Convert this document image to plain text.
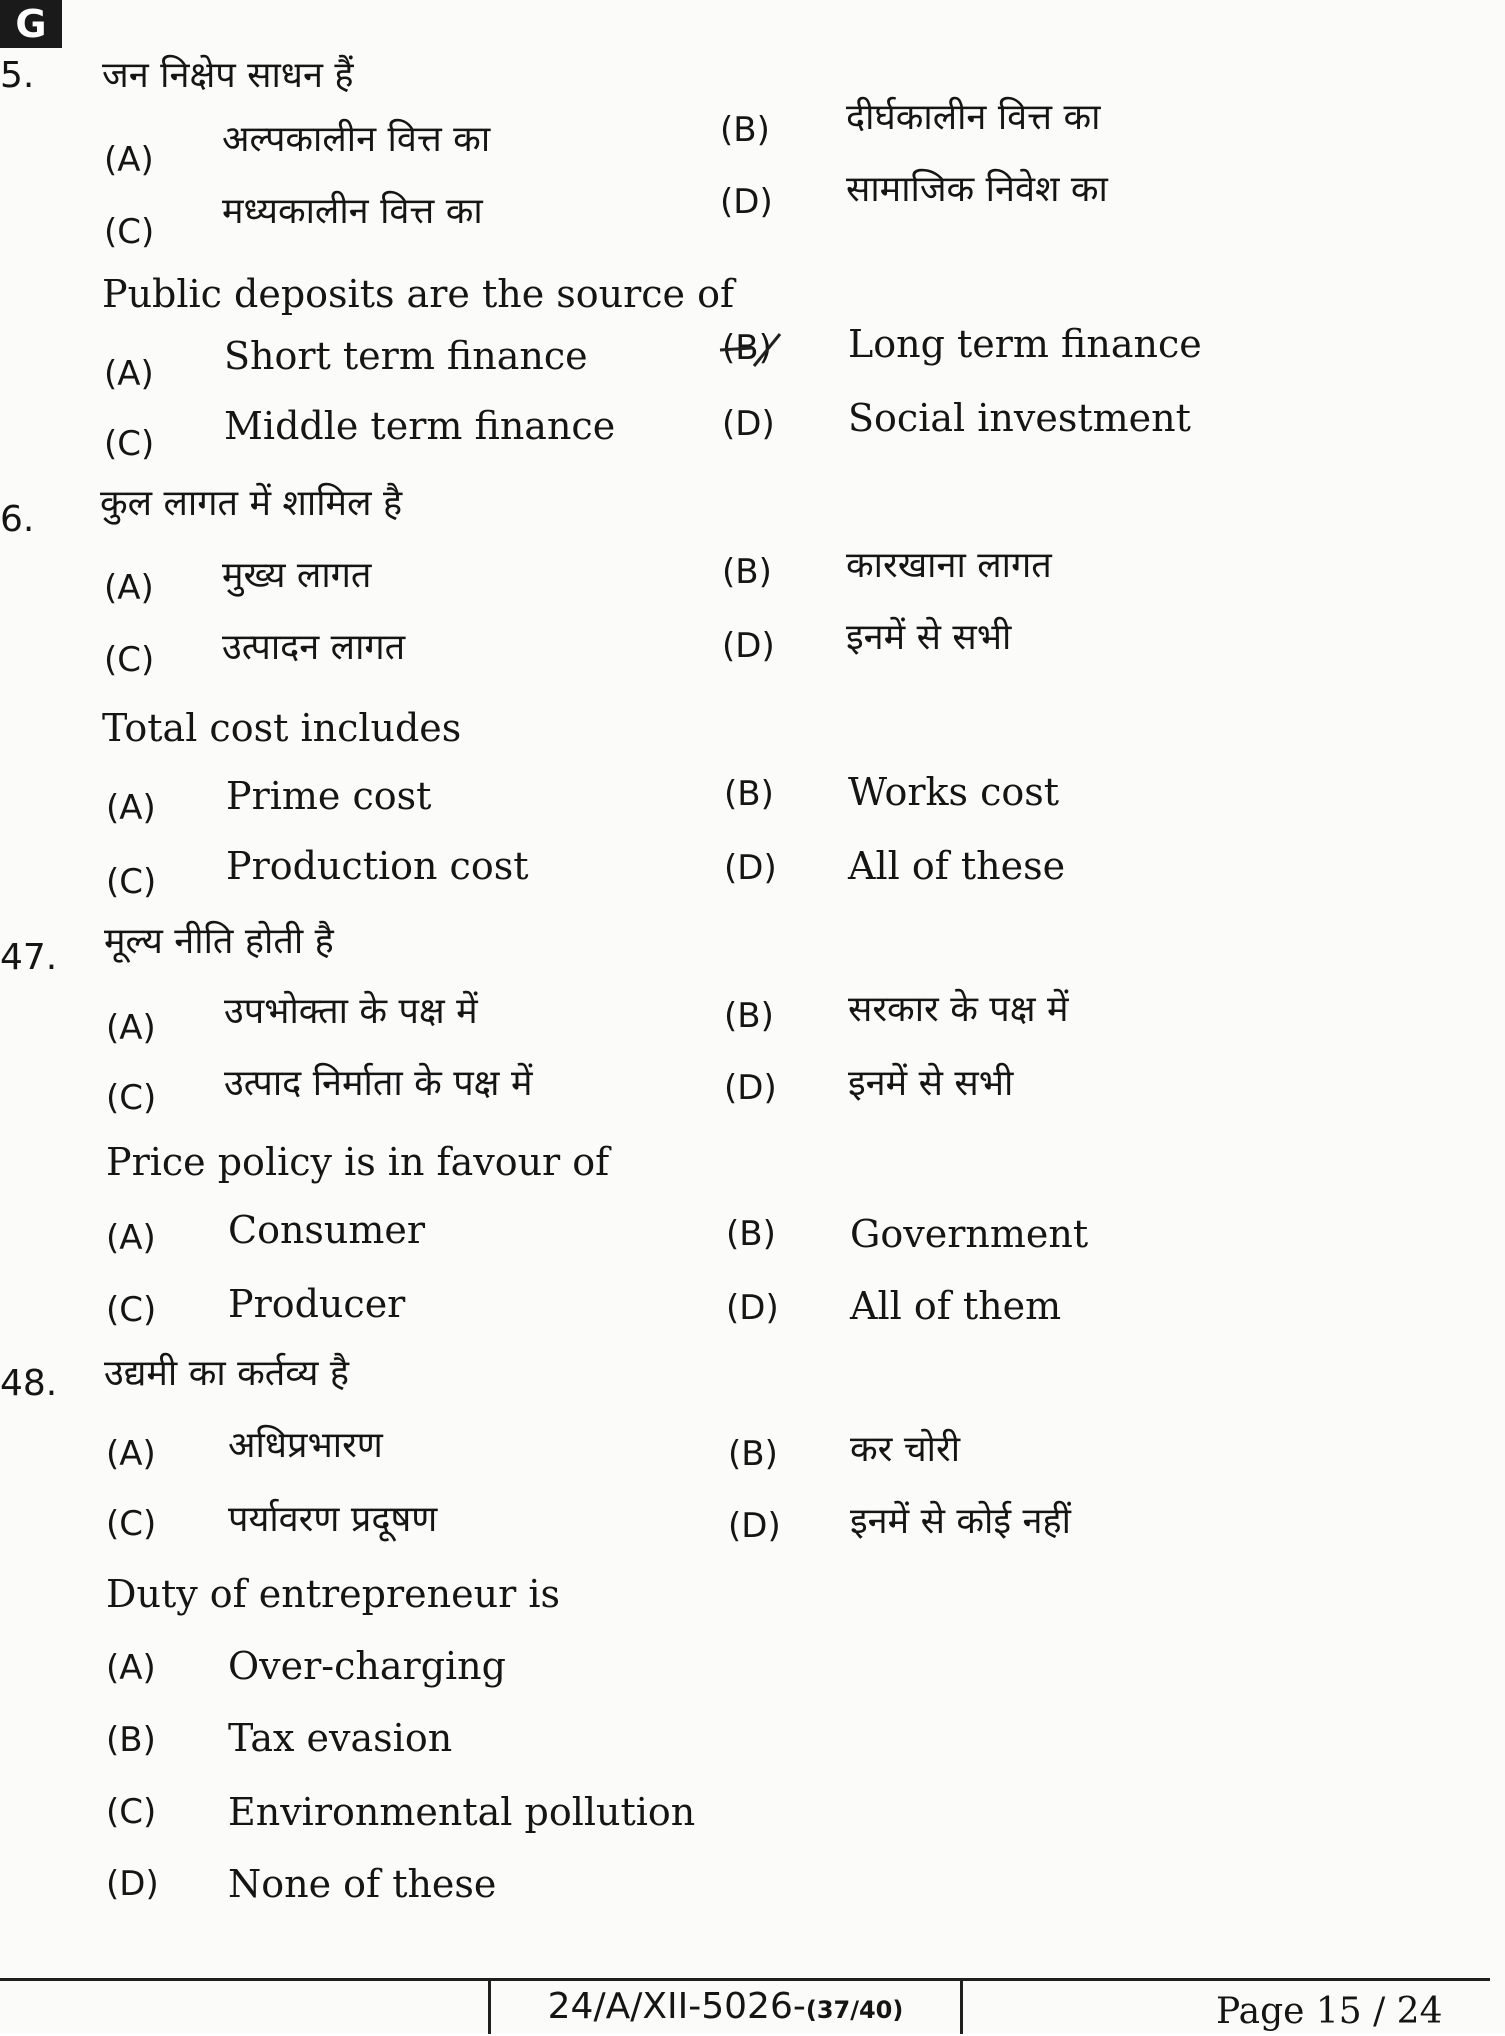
G
5. जन निक्षेप साधन हैं
(A) अल्पकालीन वित्त का	(B) दीर्घकालीन वित्त का
(C) मध्यकालीन वित्त का	(D) सामाजिक निवेश का
Public deposits are the source of
(A) Short term finance	(B) Long term finance
(C) Middle term finance	(D) Social investment
6. कुल लागत में शामिल है
(A) मुख्य लागत	(B) कारखाना लागत
(C) उत्पादन लागत	(D) इनमें से सभी
Total cost includes
(A) Prime cost	(B) Works cost
(C) Production cost	(D) All of these
47. मूल्य नीति होती है
(A) उपभोक्ता के पक्ष में	(B) सरकार के पक्ष में
(C) उत्पाद निर्माता के पक्ष में	(D) इनमें से सभी
Price policy is in favour of
(A) Consumer	(B) Government
(C) Producer	(D) All of them
48. उद्यमी का कर्तव्य है
(A) अधिप्रभारण	(B) कर चोरी
(C) पर्यावरण प्रदूषण	(D) इनमें से कोई नहीं
Duty of entrepreneur is
(A) Over-charging
(B) Tax evasion
(C) Environmental pollution
(D) None of these
24/A/XII-5026-(37/40)	Page 15 / 24
